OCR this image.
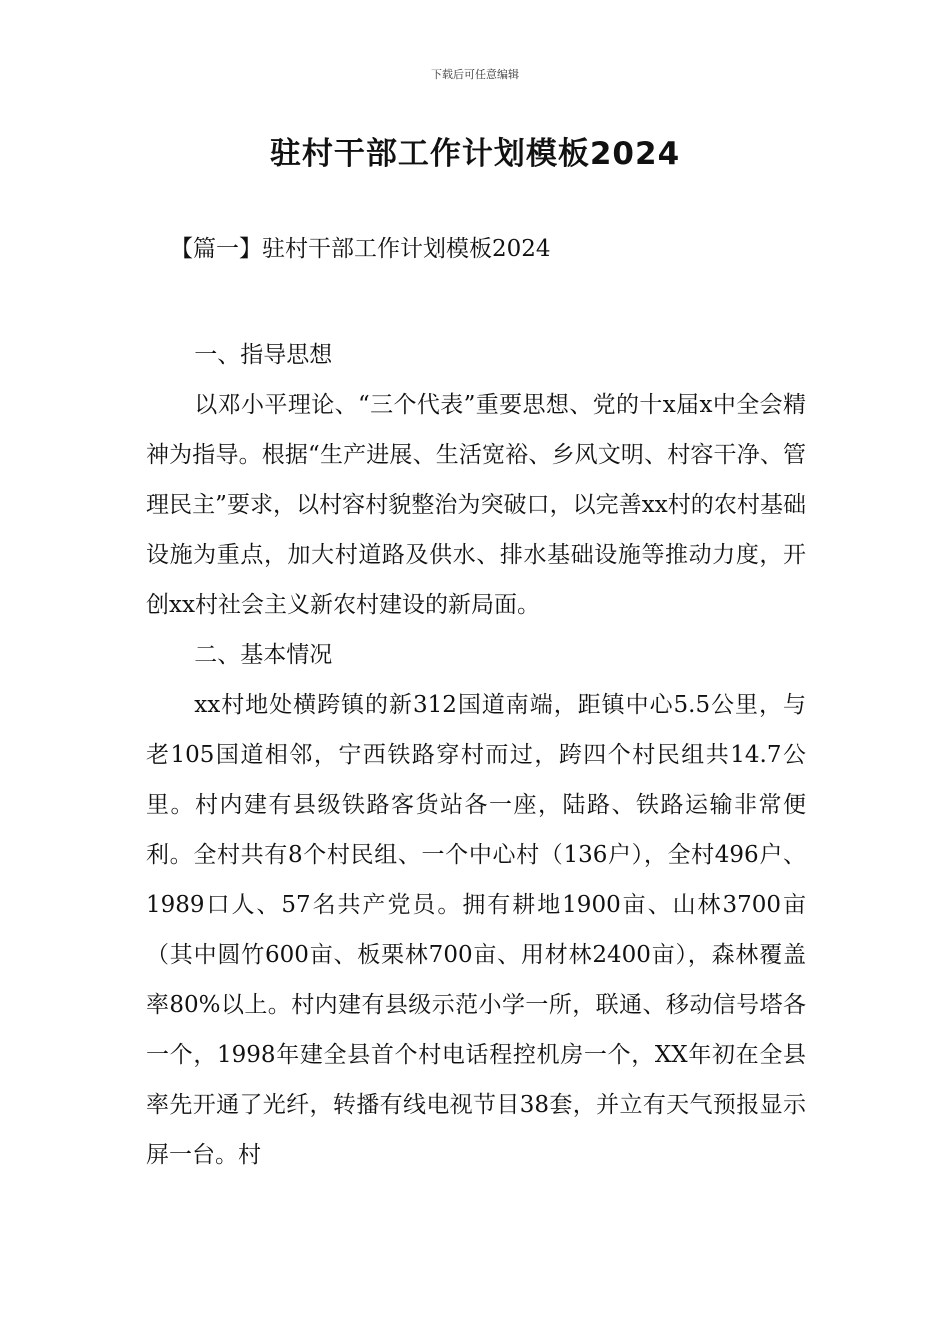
下载后可任意编辑
驻村干部工作计划模板2024
【篇一】驻村干部工作计划模板2024

一、指导思想

以邓小平理论、“三个代表”重要思想、党的十x届x中全会精神为指导。根据“生产进展、生活宽裕、乡风文明、村容干净、管理民主”要求，以村容村貌整治为突破口，以完善xx村的农村基础设施为重点，加大村道路及供水、排水基础设施等推动力度，开创xx村社会主义新农村建设的新局面。

二、基本情况

xx村地处横跨镇的新312国道南端，距镇中心5.5公里，与老105国道相邻，宁西铁路穿村而过，跨四个村民组共14.7公里。村内建有县级铁路客货站各一座，陆路、铁路运输非常便利。全村共有8个村民组、一个中心村（136户），全村496户、1989口人、57名共产党员。拥有耕地1900亩、山林3700亩（其中圆竹600亩、板栗林700亩、用材林2400亩），森林覆盖率80%以上。村内建有县级示范小学一所，联通、移动信号塔各一个，1998年建全县首个村电话程控机房一个，XX年初在全县率先开通了光纤，转播有线电视节目38套，并立有天气预报显示屏一台。村
